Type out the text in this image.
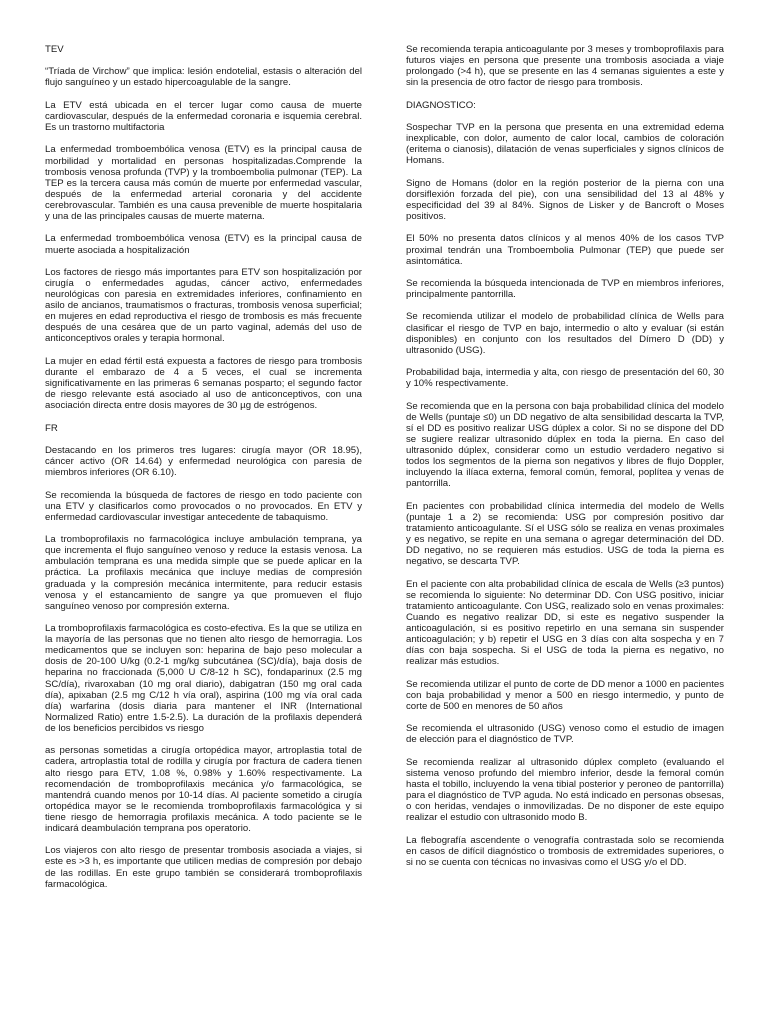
TEV

“Tríada de Virchow” que implica: lesión endotelial, estasis o alteración del flujo sanguíneo y un estado hipercoagulable de la sangre.

La ETV está ubicada en el tercer lugar como causa de muerte cardiovascular, después de la enfermedad coronaria e isquemia cerebral. Es un trastorno multifactoria

La enfermedad tromboembólica venosa (ETV) es la principal causa de morbilidad y mortalidad en personas hospitalizadas.Comprende la trombosis venosa profunda (TVP) y la tromboembolia pulmonar (TEP). La TEP es la tercera causa más común de muerte por enfermedad vascular, después de la enfermedad arterial coronaria y del accidente cerebrovascular. También es una causa prevenible de muerte hospitalaria y una de las principales causas de muerte materna.

La enfermedad tromboembólica venosa (ETV) es la principal causa de muerte asociada a hospitalización

Los factores de riesgo más importantes para ETV son hospitalización por cirugía o enfermedades agudas, cáncer activo, enfermedades neurológicas con paresia en extremidades inferiores, confinamiento en asilo de ancianos, traumatismos o fracturas, trombosis venosa superficial; en mujeres en edad reproductiva el riesgo de trombosis es más frecuente después de una cesárea que de un parto vaginal, además del uso de anticonceptivos orales y terapia hormonal.

La mujer en edad fértil está expuesta a factores de riesgo para trombosis durante el embarazo de 4 a 5 veces, el cual se incrementa significativamente en las primeras 6 semanas posparto; el segundo factor de riesgo relevante está asociado al uso de anticonceptivos, con una asociación directa entre dosis mayores de 30 µg de estrógenos.

FR

Destacando en los primeros tres lugares: cirugía mayor (OR 18.95), cáncer activo (OR 14.64) y enfermedad neurológica con paresia de miembros inferiores (OR 6.10).

Se recomienda la búsqueda de factores de riesgo en todo paciente con una ETV y clasificarlos como provocados o no provocados. En ETV y enfermedad cardiovascular investigar antecedente de tabaquismo.

La tromboprofilaxis no farmacológica incluye ambulación temprana, ya que incrementa el flujo sanguíneo venoso y reduce la estasis venosa. La ambulación temprana es una medida simple que se puede aplicar en la práctica. La profilaxis mecánica que incluye medias de compresión graduada y la compresión mecánica intermitente, para reducir estasis venosa y el estancamiento de sangre ya que promueven el flujo sanguíneo venoso por compresión externa.

La tromboprofilaxis farmacológica es costo-efectiva. Es la que se utiliza en la mayoría de las personas que no tienen alto riesgo de hemorragia. Los medicamentos que se incluyen son: heparina de bajo peso molecular a dosis de 20-100 U/kg (0.2-1 mg/kg subcutánea (SC)/día), baja dosis de heparina no fraccionada (5,000 U C/8-12 h SC), fondaparinux (2.5 mg SC/día), rivaroxaban (10 mg oral diario), dabigatran (150 mg oral cada día), apixaban (2.5 mg C/12 h vía oral), aspirina (100 mg vía oral cada día) warfarina (dosis diaria para mantener el INR (International Normalized Ratio) entre 1.5-2.5). La duración de la profilaxis dependerá de los beneficios percibidos vs riesgo

as personas sometidas a cirugía ortopédica mayor, artroplastia total de cadera, artroplastia total de rodilla y cirugía por fractura de cadera tienen alto riesgo para ETV, 1.08 %, 0.98% y 1.60% respectivamente. La recomendación de tromboprofilaxis mecánica y/o farmacológica, se mantendrá cuando menos por 10-14 días. Al paciente sometido a cirugía ortopédica mayor se le recomienda tromboprofilaxis farmacológica y si tiene riesgo de hemorragia profilaxis mecánica. A todo paciente se le indicará deambulación temprana pos operatorio.

Los viajeros con alto riesgo de presentar trombosis asociada a viajes, si este es >3 h, es importante que utilicen medias de compresión por debajo de las rodillas. En este grupo también se considerará tromboprofilaxis farmacológica.

Se recomienda terapia anticoagulante por 3 meses y tromboprofilaxis para futuros viajes en persona que presente una trombosis asociada a viaje prolongado (>4 h), que se presente en las 4 semanas siguientes a este y sin la presencia de otro factor de riesgo para trombosis.

DIAGNOSTICO:

Sospechar TVP en la persona que presenta en una extremidad edema inexplicable, con dolor, aumento de calor local, cambios de coloración (eritema o cianosis), dilatación de venas superficiales y signos clínicos de Homans.

Signo de Homans (dolor en la región posterior de la pierna con una dorsiflexión forzada del pie), con una sensibilidad del 13 al 48% y especificidad del 39 al 84%. Signos de Lisker y de Bancroft o Moses positivos.

El 50% no presenta datos clínicos y al menos 40% de los casos TVP proximal tendrán una Tromboembolia Pulmonar (TEP) que puede ser asintomática.

Se recomienda la búsqueda intencionada de TVP en miembros inferiores, principalmente pantorrilla.

Se recomienda utilizar el modelo de probabilidad clínica de Wells para clasificar el riesgo de TVP en bajo, intermedio o alto y evaluar (si están disponibles) en conjunto con los resultados del Dímero D (DD) y ultrasonido (USG).

Probabilidad baja, intermedia y alta, con riesgo de presentación del 60, 30 y 10% respectivamente.

Se recomienda que en la persona con baja probabilidad clínica del modelo de Wells (puntaje ≤0) un DD negativo de alta sensibilidad descarta la TVP, sí el DD es positivo realizar USG dúplex a color. Si no se dispone del DD se sugiere realizar ultrasonido dúplex en toda la pierna. En caso del ultrasonido dúplex, considerar como un estudio verdadero negativo si todos los segmentos de la pierna son negativos y libres de flujo Doppler, incluyendo la ilíaca externa, femoral común, femoral, poplítea y venas de pantorrilla.

En pacientes con probabilidad clínica intermedia del modelo de Wells (puntaje 1 a 2) se recomienda: USG por compresión positivo dar tratamiento anticoagulante. Sí el USG sólo se realiza en venas proximales y es negativo, se repite en una semana o agregar determinación del DD. DD negativo, no se requieren más estudios. USG de toda la pierna es negativo, se descarta TVP.

En el paciente con alta probabilidad clínica de escala de Wells (≥3 puntos) se recomienda lo siguiente: No determinar DD. Con USG positivo, iniciar tratamiento anticoagulante. Con USG, realizado solo en venas proximales: Cuando es negativo realizar DD, si este es negativo suspender la anticoagulación, si es positivo repetirlo en una semana sin suspender anticoagulación; y b) repetir el USG en 3 días con alta sospecha y en 7 días con baja sospecha. Si el USG de toda la pierna es negativo, no realizar más estudios.

Se recomienda utilizar el punto de corte de DD menor a 1000 en pacientes con baja probabilidad y menor a 500 en riesgo intermedio, y punto de corte de 500 en menores de 50 años

Se recomienda el ultrasonido (USG) venoso como el estudio de imagen de elección para el diagnóstico de TVP.

Se recomienda realizar al ultrasonido dúplex completo (evaluando el sistema venoso profundo del miembro inferior, desde la femoral común hasta el tobillo, incluyendo la vena tibial posterior y peroneo de pantorrilla) para el diagnóstico de TVP aguda. No está indicado en personas obsesas, o con heridas, vendajes o inmovilizadas. De no disponer de este equipo realizar el estudio con ultrasonido modo B.

La flebografía ascendente o venografía contrastada solo se recomienda en casos de difícil diagnóstico o trombosis de extremidades superiores, o si no se cuenta con técnicas no invasivas como el USG y/o el DD.
